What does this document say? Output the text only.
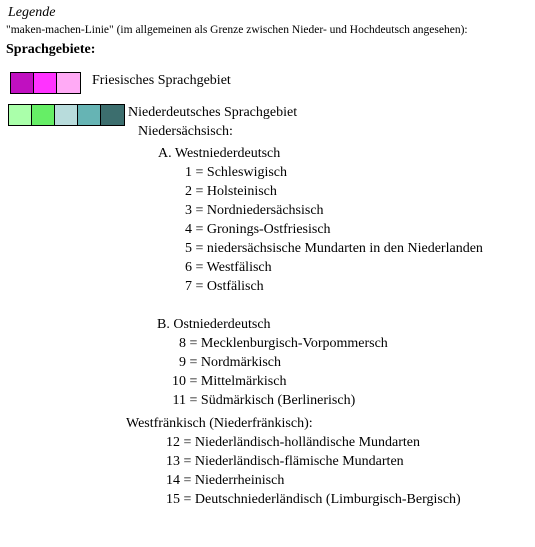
Legende
"maken-machen-Linie" (im allgemeinen als Grenze zwischen Nieder- und Hochdeutsch angesehen):
Sprachgebiete:
Friesisches Sprachgebiet
Niederdeutsches Sprachgebiet
Niedersächsisch:
A. Westniederdeutsch
1 = Schleswigisch
2 = Holsteinisch
3 = Nordniedersächsisch
4 = Gronings-Ostfriesisch
5 = niedersächsische Mundarten in den Niederlanden
6 = Westfälisch
7 = Ostfälisch
B. Ostniederdeutsch
8 = Mecklenburgisch-Vorpommersch
9 = Nordmärkisch
10 = Mittelmärkisch
11 = Südmärkisch (Berlinerisch)
Westfränkisch (Niederfränkisch):
12 = Niederländisch-holländische Mundarten
13 = Niederländisch-flämische Mundarten
14 = Niederrheinisch
15 = Deutschniederländisch (Limburgisch-Bergisch)
